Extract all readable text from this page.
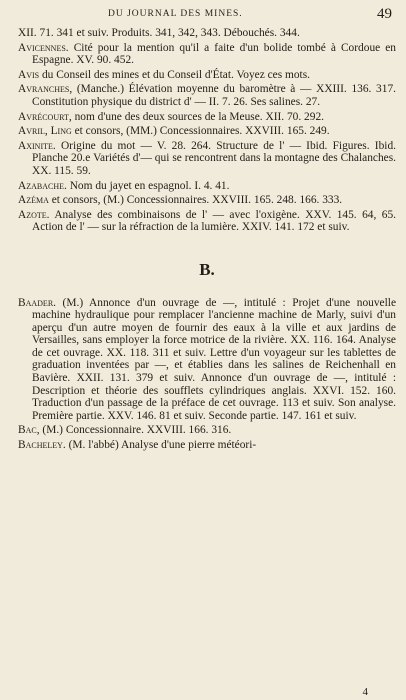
DU JOURNAL DES MINES.	49

XII. 71. 341 et suiv. Produits. 341, 342, 343. Débouchés. 344.

Avicennes. Cité pour la mention qu'il a faite d'un bolide tombé à Cordoue en Espagne. XV. 90. 452.

Avis du Conseil des mines et du Conseil d'État. Voyez ces mots.

Avranches, (Manche.) Élévation moyenne du baromètre à — XXIII. 136. 317. Constitution physique du district d' — II. 7. 26. Ses salines. 27.

Avrécourt, nom d'une des deux sources de la Meuse. XII. 70. 292.

Avril, Ling et consors, (MM.) Concessionnaires. XXVIII. 165. 249.

Axinite. Origine du mot — V. 28. 264. Structure de l' — Ibid. Figures. Ibid. Planche 20.e Variétés d'— qui se rencontrent dans la montagne des Chalanches. XX. 115. 59.

Azabache. Nom du jayet en espagnol. I. 4. 41.

Azéma et consors, (M.) Concessionnaires. XXVIII. 165. 248. 166. 333.

Azote. Analyse des combinaisons de l' — avec l'oxigène. XXV. 145. 64, 65. Action de l' — sur la réfraction de la lumière. XXIV. 141. 172 et suiv.

B.

Baader. (M.) Annonce d'un ouvrage de —, intitulé : Projet d'une nouvelle machine hydraulique pour remplacer l'ancienne machine de Marly, suivi d'un aperçu d'un autre moyen de fournir des eaux à la ville et aux jardins de Versailles, sans employer la force motrice de la rivière. XX. 116. 164. Analyse de cet ouvrage. XX. 118. 311 et suiv. Lettre d'un voyageur sur les tablettes de graduation inventées par —, et établies dans les salines de Reichenhall en Bavière. XXII. 131. 379 et suiv. Annonce d'un ouvrage de —, intitulé : Description et théorie des soufflets cylindriques anglais. XXVI. 152. 160. Traduction d'un passage de la préface de cet ouvrage. 113 et suiv. Son analyse. Première partie. XXV. 146. 81 et suiv. Seconde partie. 147. 161 et suiv.

Bac, (M.) Concessionnaire. XXVIII. 166. 316.

Bacheley. (M. l'abbé) Analyse d'une pierre météori-

4
